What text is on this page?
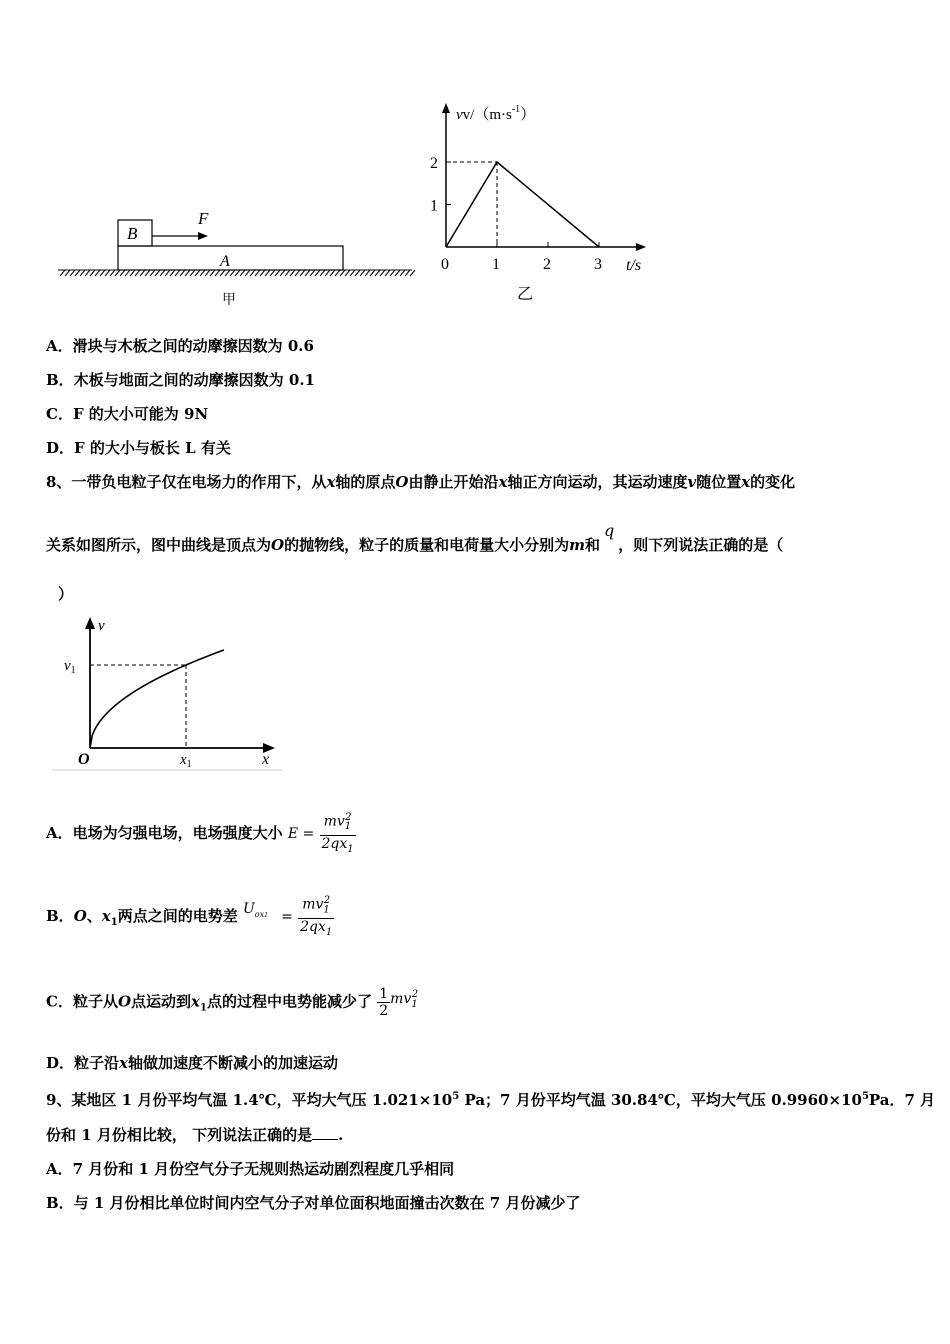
B
F
A
甲
0	1	2	3
2
1
$vv/(m\cdot s^{-1})$
t/s
乙
A．滑块与木板之间的动摩擦因数为 0.6
B．木板与地面之间的动摩擦因数为 0.1
C．F 的大小可能为 9N
D．F 的大小与板长 L 有关
8、一带负电粒子仅在电场力的作用下，从x轴的原点O由静止开始沿x轴正方向运动，其运动速度v随位置x的变化
关系如图所示，图中曲线是顶点为O的抛物线，粒子的质量和电荷量大小分别为m和q，则下列说法正确的是（
）
v
$v_1$
O	$x_1$	x
A．电场为匀强电场，电场强度大小 $E = \frac{mv_1^2}{2qx_1}$
B．O、$x_1$两点之间的电势差 $U_{ox1} = \frac{mv_1^2}{2qx_1}$
C．粒子从O点运动到$x_1$点的过程中电势能减少了 $\frac{1}{2} mv_1^2$
D．粒子沿x轴做加速度不断减小的加速运动
9、某地区 1 月份平均气温 1.4℃，平均大气压 $1.021\times 10^5$ Pa；7 月份平均气温 30.84℃，平均大气压 $0.9960\times 10^5Pa$．7 月
份和 1 月份相比较， 下列说法正确的是 .
A．7 月份和 1 月份空气分子无规则热运动剧烈程度几乎相同
B．与 1 月份相比单位时间内空气分子对单位面积地面撞击次数在 7 月份减少了
